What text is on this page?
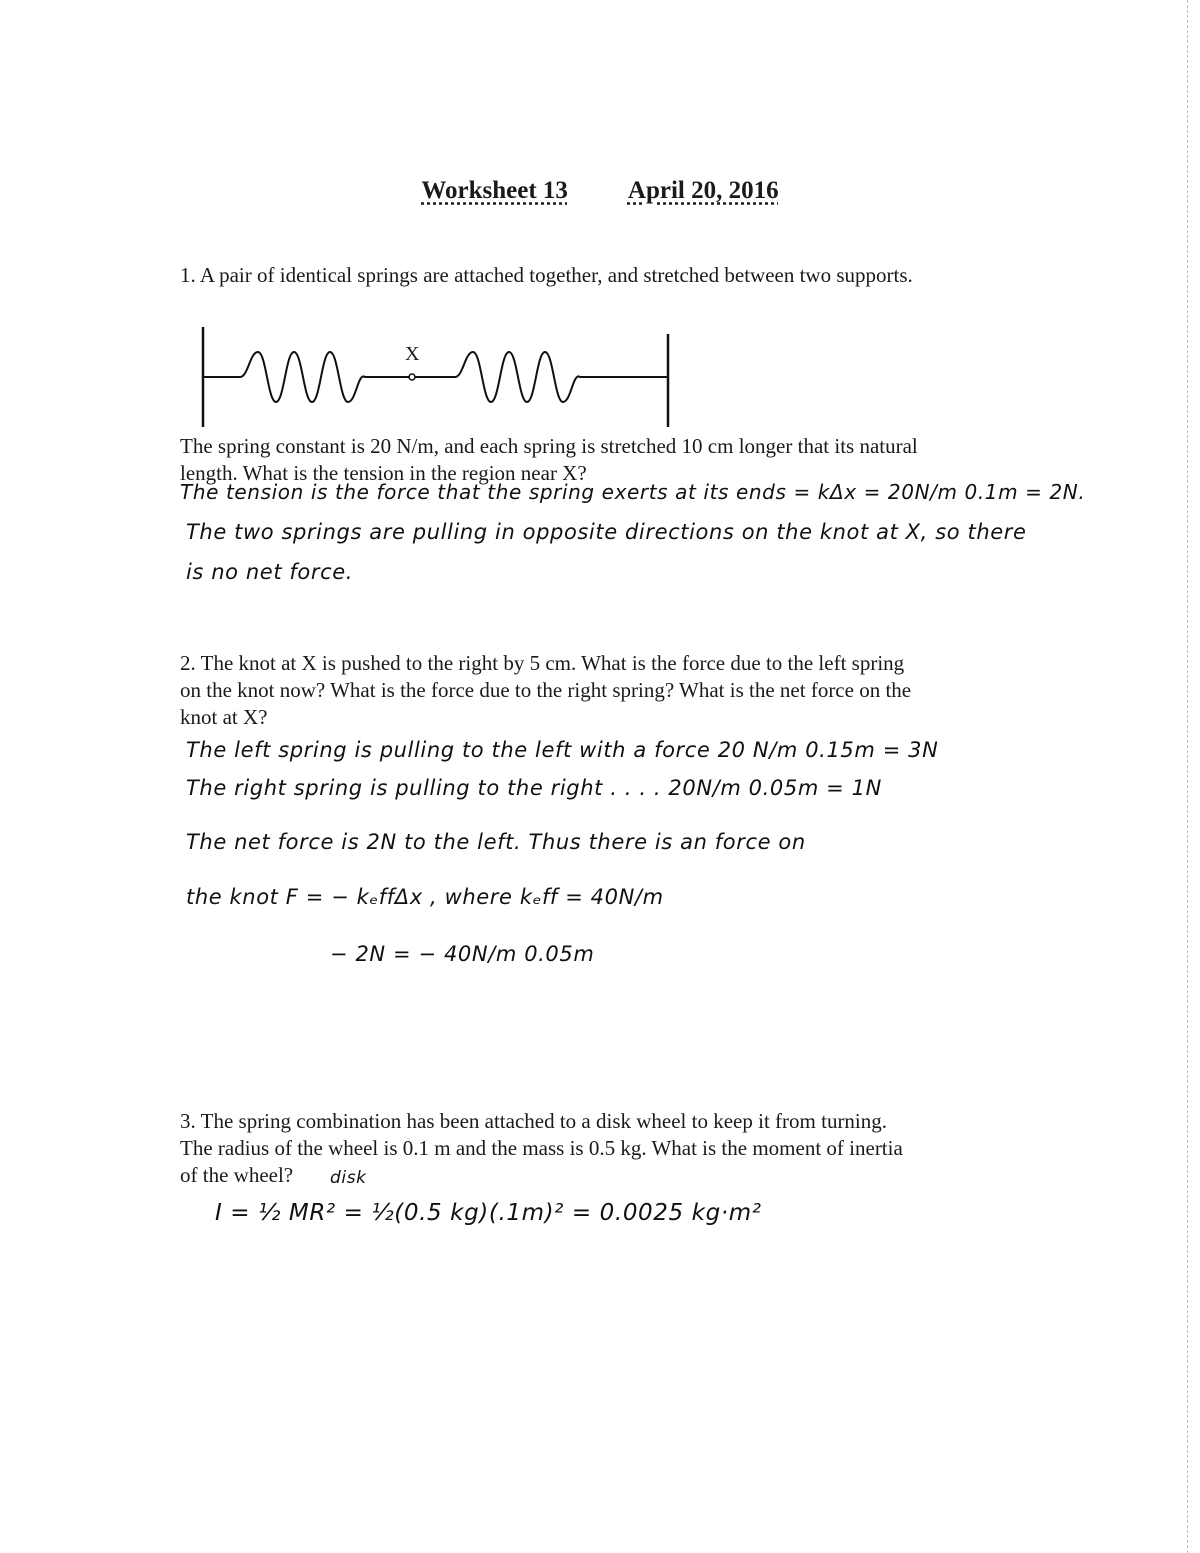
Worksheet 13 April 20, 2016
1. A pair of identical springs are attached together, and stretched between two supports.
X
The spring constant is 20 N/m, and each spring is stretched 10 cm longer that its natural
length. What is the tension in the region near X?
The tension is the force that the spring exerts at its ends = kΔx = 20N/m 0.1m = 2N.
The two springs are pulling in opposite directions on the knot at X, so there
is no net force.
2. The knot at X is pushed to the right by 5 cm. What is the force due to the left spring
on the knot now? What is the force due to the right spring? What is the net force on the
knot at X?
The left spring is pulling to the left with a force 20 N/m 0.15m = 3N
The right spring is pulling to the right . . . . 20N/m 0.05m = 1N
The net force is 2N to the left. Thus there is an force on
the knot F = − kₑffΔx , where kₑff = 40N/m
− 2N = − 40N/m 0.05m
3. The spring combination has been attached to a disk wheel to keep it from turning.
The radius of the wheel is 0.1 m and the mass is 0.5 kg. What is the moment of inertia
of the wheel?	disk
I = ½ MR² = ½(0.5 kg)(.1m)² = 0.0025 kg·m²
